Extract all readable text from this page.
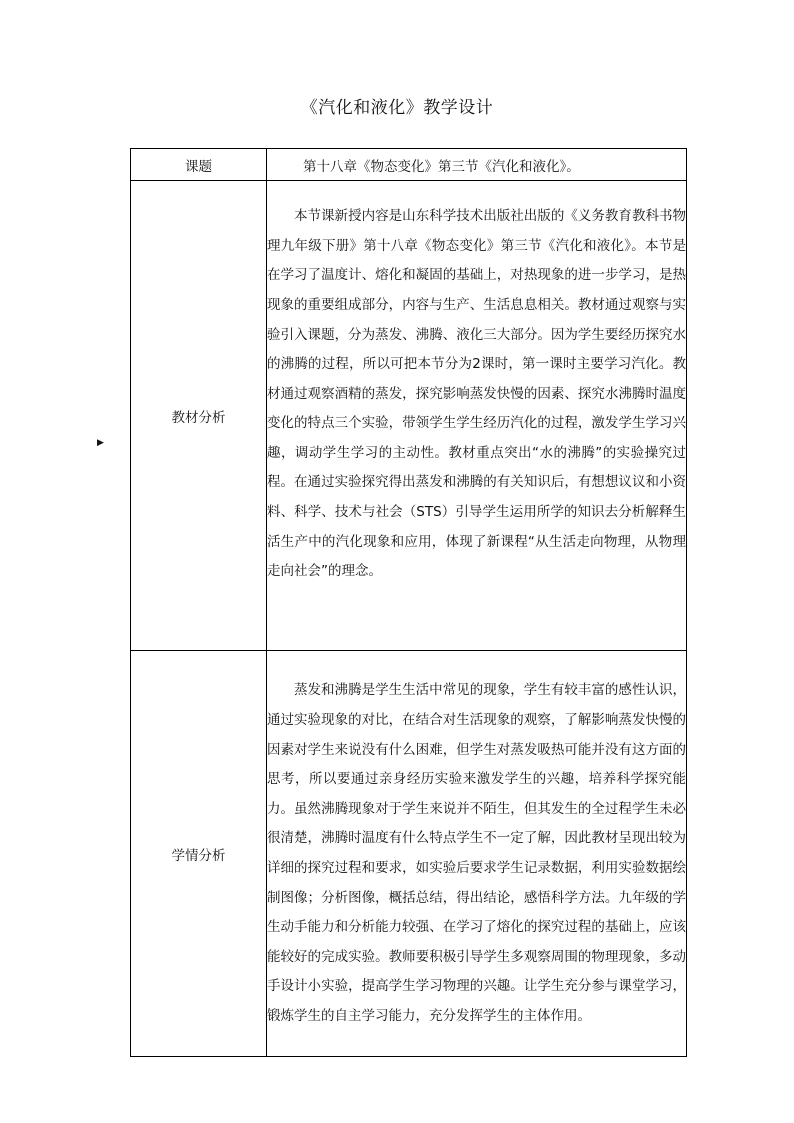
《汽化和液化》教学设计
▶
课题	第十八章《物态变化》第三节《汽化和液化》。
教材分析	本节课新授内容是山东科学技术出版社出版的《义务教育教科书物理九年级下册》第十八章《物态变化》第三节《汽化和液化》。本节是在学习了温度计、熔化和凝固的基础上，对热现象的进一步学习，是热现象的重要组成部分，内容与生产、生活息息相关。教材通过观察与实验引入课题，分为蒸发、沸腾、液化三大部分。因为学生要经历探究水的沸腾的过程，所以可把本节分为2课时，第一课时主要学习汽化。教材通过观察酒精的蒸发，探究影响蒸发快慢的因素、探究水沸腾时温度变化的特点三个实验，带领学生学生经历汽化的过程，激发学生学习兴趣，调动学生学习的主动性。教材重点突出“水的沸腾”的实验操究过程。在通过实验探究得出蒸发和沸腾的有关知识后，有想想议议和小资料、科学、技术与社会（STS）引导学生运用所学的知识去分析解释生活生产中的汽化现象和应用，体现了新课程“从生活走向物理，从物理走向社会”的理念。

学情分析	蒸发和沸腾是学生生活中常见的现象，学生有较丰富的感性认识，通过实验现象的对比，在结合对生活现象的观察，了解影响蒸发快慢的因素对学生来说没有什么困难，但学生对蒸发吸热可能并没有这方面的思考，所以要通过亲身经历实验来激发学生的兴趣，培养科学探究能力。虽然沸腾现象对于学生来说并不陌生，但其发生的全过程学生未必很清楚，沸腾时温度有什么特点学生不一定了解，因此教材呈现出较为详细的探究过程和要求，如实验后要求学生记录数据，利用实验数据绘制图像；分析图像，概括总结，得出结论，感悟科学方法。九年级的学生动手能力和分析能力较强、在学习了熔化的探究过程的基础上，应该能较好的完成实验。教师要积极引导学生多观察周围的物理现象，多动手设计小实验，提高学生学习物理的兴趣。让学生充分参与课堂学习，锻炼学生的自主学习能力，充分发挥学生的主体作用。
